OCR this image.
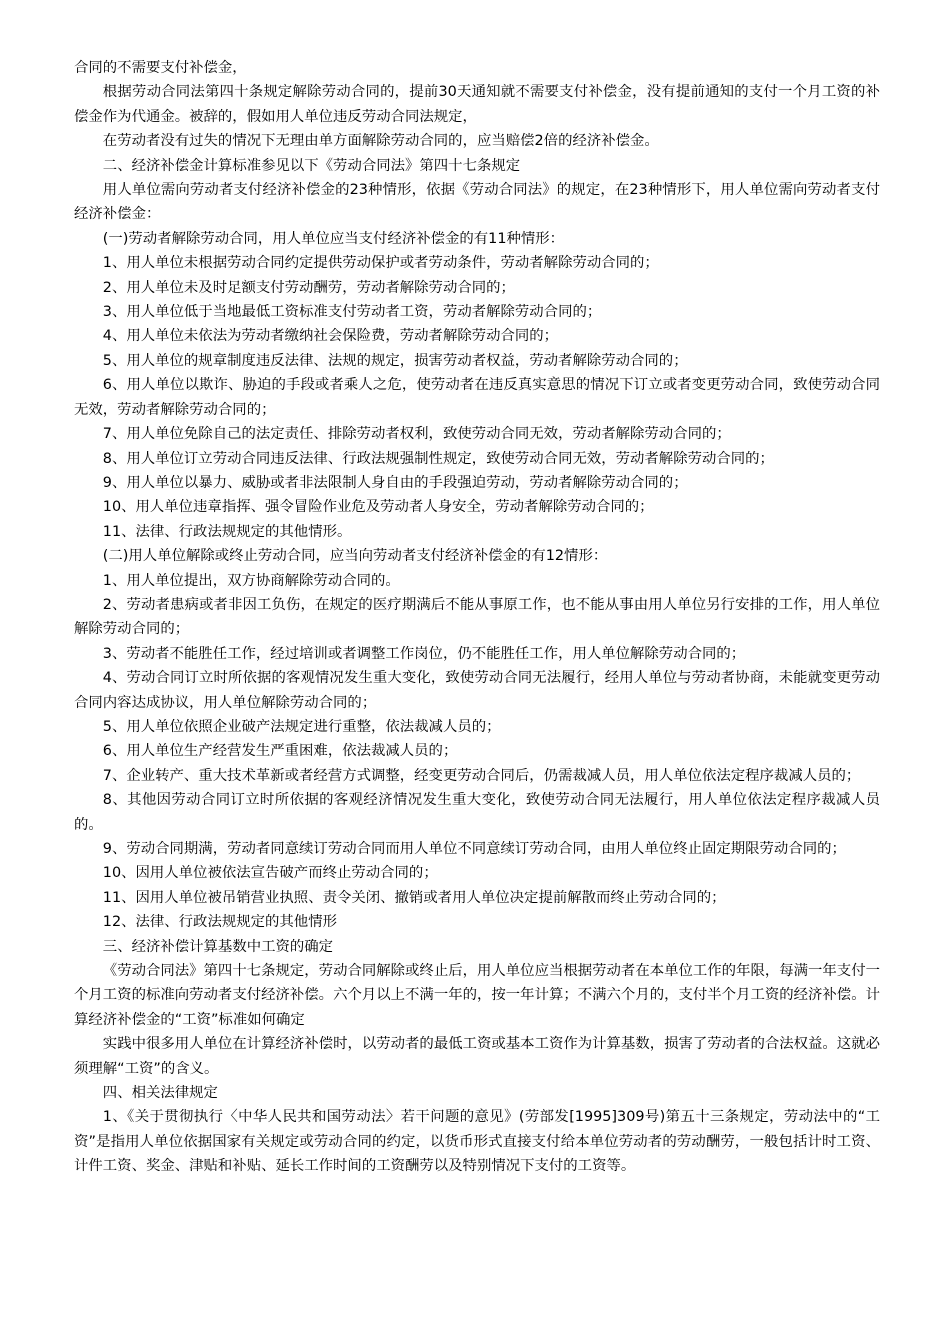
合同的不需要支付补偿金，

根据劳动合同法第四十条规定解除劳动合同的，提前30天通知就不需要支付补偿金，没有提前通知的支付一个月工资的补偿金作为代通金。被辞的，假如用人单位违反劳动合同法规定，

在劳动者没有过失的情况下无理由单方面解除劳动合同的，应当赔偿2倍的经济补偿金。

二、经济补偿金计算标准参见以下《劳动合同法》第四十七条规定

用人单位需向劳动者支付经济补偿金的23种情形，依据《劳动合同法》的规定，在23种情形下，用人单位需向劳动者支付经济补偿金：

(一)劳动者解除劳动合同，用人单位应当支付经济补偿金的有11种情形：

1、用人单位未根据劳动合同约定提供劳动保护或者劳动条件，劳动者解除劳动合同的；

2、用人单位未及时足额支付劳动酬劳，劳动者解除劳动合同的；

3、用人单位低于当地最低工资标准支付劳动者工资，劳动者解除劳动合同的；

4、用人单位未依法为劳动者缴纳社会保险费，劳动者解除劳动合同的；

5、用人单位的规章制度违反法律、法规的规定，损害劳动者权益，劳动者解除劳动合同的；

6、用人单位以欺诈、胁迫的手段或者乘人之危，使劳动者在违反真实意思的情况下订立或者变更劳动合同，致使劳动合同无效，劳动者解除劳动合同的；

7、用人单位免除自己的法定责任、排除劳动者权利，致使劳动合同无效，劳动者解除劳动合同的；

8、用人单位订立劳动合同违反法律、行政法规强制性规定，致使劳动合同无效，劳动者解除劳动合同的；

9、用人单位以暴力、威胁或者非法限制人身自由的手段强迫劳动，劳动者解除劳动合同的；

10、用人单位违章指挥、强令冒险作业危及劳动者人身安全，劳动者解除劳动合同的；

11、法律、行政法规规定的其他情形。

(二)用人单位解除或终止劳动合同，应当向劳动者支付经济补偿金的有12情形：

1、用人单位提出，双方协商解除劳动合同的。

2、劳动者患病或者非因工负伤，在规定的医疗期满后不能从事原工作，也不能从事由用人单位另行安排的工作，用人单位解除劳动合同的；

3、劳动者不能胜任工作，经过培训或者调整工作岗位，仍不能胜任工作，用人单位解除劳动合同的；

4、劳动合同订立时所依据的客观情况发生重大变化，致使劳动合同无法履行，经用人单位与劳动者协商，未能就变更劳动合同内容达成协议，用人单位解除劳动合同的；

5、用人单位依照企业破产法规定进行重整，依法裁减人员的；

6、用人单位生产经营发生严重困难，依法裁减人员的；

7、企业转产、重大技术革新或者经营方式调整，经变更劳动合同后，仍需裁减人员，用人单位依法定程序裁减人员的；

8、其他因劳动合同订立时所依据的客观经济情况发生重大变化，致使劳动合同无法履行，用人单位依法定程序裁减人员的。

9、劳动合同期满，劳动者同意续订劳动合同而用人单位不同意续订劳动合同，由用人单位终止固定期限劳动合同的；

10、因用人单位被依法宣告破产而终止劳动合同的；

11、因用人单位被吊销营业执照、责令关闭、撤销或者用人单位决定提前解散而终止劳动合同的；

12、法律、行政法规规定的其他情形

三、经济补偿计算基数中工资的确定

《劳动合同法》第四十七条规定，劳动合同解除或终止后，用人单位应当根据劳动者在本单位工作的年限，每满一年支付一个月工资的标准向劳动者支付经济补偿。六个月以上不满一年的，按一年计算；不满六个月的，支付半个月工资的经济补偿。计算经济补偿金的“工资”标准如何确定

实践中很多用人单位在计算经济补偿时，以劳动者的最低工资或基本工资作为计算基数，损害了劳动者的合法权益。这就必须理解“工资”的含义。

四、相关法律规定

1、《关于贯彻执行〈中华人民共和国劳动法〉若干问题的意见》(劳部发[1995]309号)第五十三条规定，劳动法中的“工资”是指用人单位依据国家有关规定或劳动合同的约定，以货币形式直接支付给本单位劳动者的劳动酬劳，一般包括计时工资、计件工资、奖金、津贴和补贴、延长工作时间的工资酬劳以及特别情况下支付的工资等。
